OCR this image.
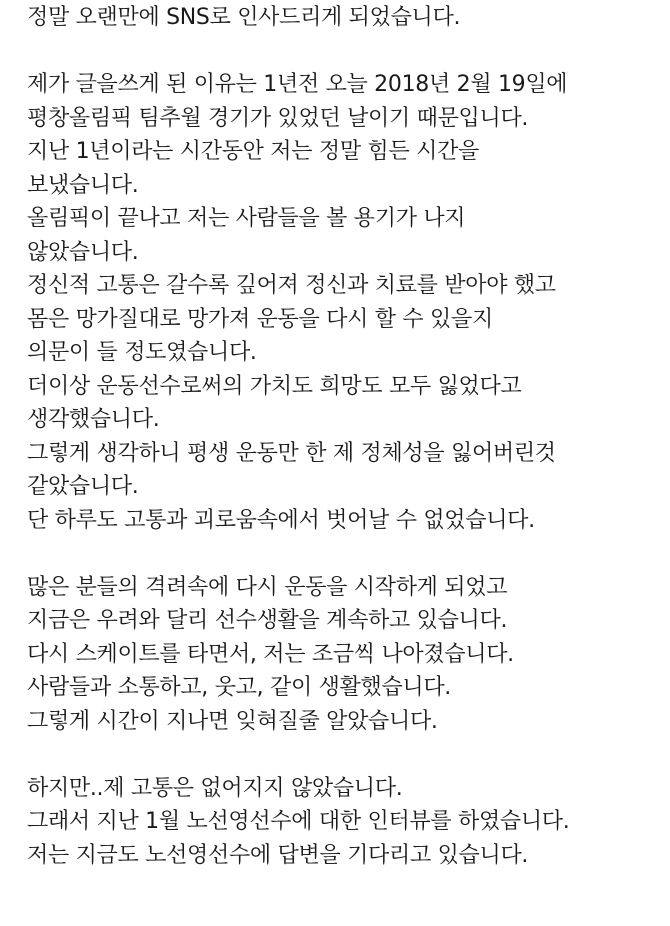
정말 오랜만에 SNS로 인사드리게 되었습니다.
제가 글을쓰게 된 이유는 1년전 오늘 2018년 2월 19일에
평창올림픽 팀추월 경기가 있었던 날이기 때문입니다.
지난 1년이라는 시간동안 저는 정말 힘든 시간을
보냈습니다.
올림픽이 끝나고 저는 사람들을 볼 용기가 나지
않았습니다.
정신적 고통은 갈수록 깊어져 정신과 치료를 받아야 했고
몸은 망가질대로 망가져 운동을 다시 할 수 있을지
의문이 들 정도였습니다.
더이상 운동선수로써의 가치도 희망도 모두 잃었다고
생각했습니다.
그렇게 생각하니 평생 운동만 한 제 정체성을 잃어버린것
같았습니다.
단 하루도 고통과 괴로움속에서 벗어날 수 없었습니다.
많은 분들의 격려속에 다시 운동을 시작하게 되었고
지금은 우려와 달리 선수생활을 계속하고 있습니다.
다시 스케이트를 타면서, 저는 조금씩 나아졌습니다.
사람들과 소통하고, 웃고, 같이 생활했습니다.
그렇게 시간이 지나면 잊혀질줄 알았습니다.
하지만..제 고통은 없어지지 않았습니다.
그래서 지난 1월 노선영선수에 대한 인터뷰를 하였습니다.
저는 지금도 노선영선수에 답변을 기다리고 있습니다.
